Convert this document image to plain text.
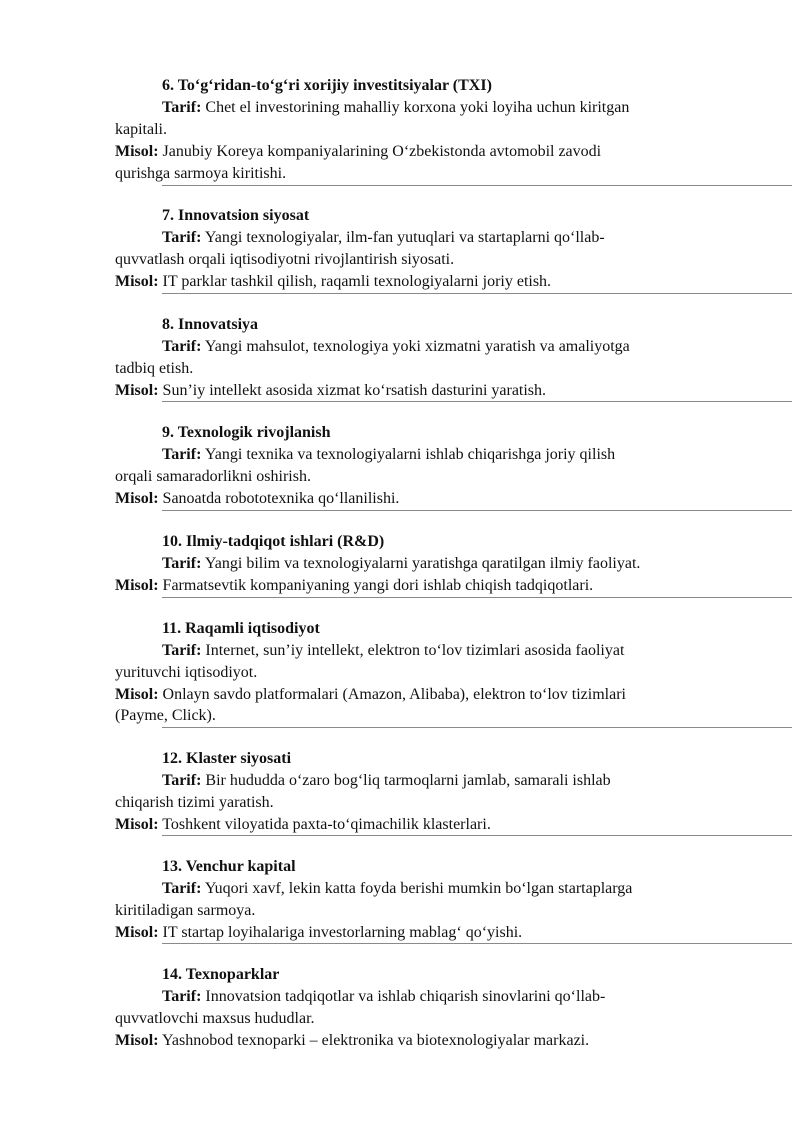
6. To‘g‘ridan-to‘g‘ri xorijiy investitsiyalar (TXI)
Tarif: Chet el investorining mahalliy korxona yoki loyiha uchun kiritgan
kapitali.
Misol: Janubiy Koreya kompaniyalarining O‘zbekistonda avtomobil zavodi
qurishga sarmoya kiritishi.
7. Innovatsion siyosat
Tarif: Yangi texnologiyalar, ilm-fan yutuqlari va startaplarni qo‘llab-
quvvatlash orqali iqtisodiyotni rivojlantirish siyosati.
Misol: IT parklar tashkil qilish, raqamli texnologiyalarni joriy etish.
8. Innovatsiya
Tarif: Yangi mahsulot, texnologiya yoki xizmatni yaratish va amaliyotga
tadbiq etish.
Misol: Sun’iy intellekt asosida xizmat ko‘rsatish dasturini yaratish.
9. Texnologik rivojlanish
Tarif: Yangi texnika va texnologiyalarni ishlab chiqarishga joriy qilish
orqali samaradorlikni oshirish.
Misol: Sanoatda robototexnika qo‘llanilishi.
10. Ilmiy-tadqiqot ishlari (R&D)
Tarif: Yangi bilim va texnologiyalarni yaratishga qaratilgan ilmiy faoliyat.
Misol: Farmatsevtik kompaniyaning yangi dori ishlab chiqish tadqiqotlari.
11. Raqamli iqtisodiyot
Tarif: Internet, sun’iy intellekt, elektron to‘lov tizimlari asosida faoliyat
yurituvchi iqtisodiyot.
Misol: Onlayn savdo platformalari (Amazon, Alibaba), elektron to‘lov tizimlari
(Payme, Click).
12. Klaster siyosati
Tarif: Bir hududda o‘zaro bog‘liq tarmoqlarni jamlab, samarali ishlab
chiqarish tizimi yaratish.
Misol: Toshkent viloyatida paxta-to‘qimachilik klasterlari.
13. Venchur kapital
Tarif: Yuqori xavf, lekin katta foyda berishi mumkin bo‘lgan startaplarga
kiritiladigan sarmoya.
Misol: IT startap loyihalariga investorlarning mablag‘ qo‘yishi.
14. Texnoparklar
Tarif: Innovatsion tadqiqotlar va ishlab chiqarish sinovlarini qo‘llab-
quvvatlovchi maxsus hududlar.
Misol: Yashnobod texnoparki – elektronika va biotexnologiyalar markazi.
